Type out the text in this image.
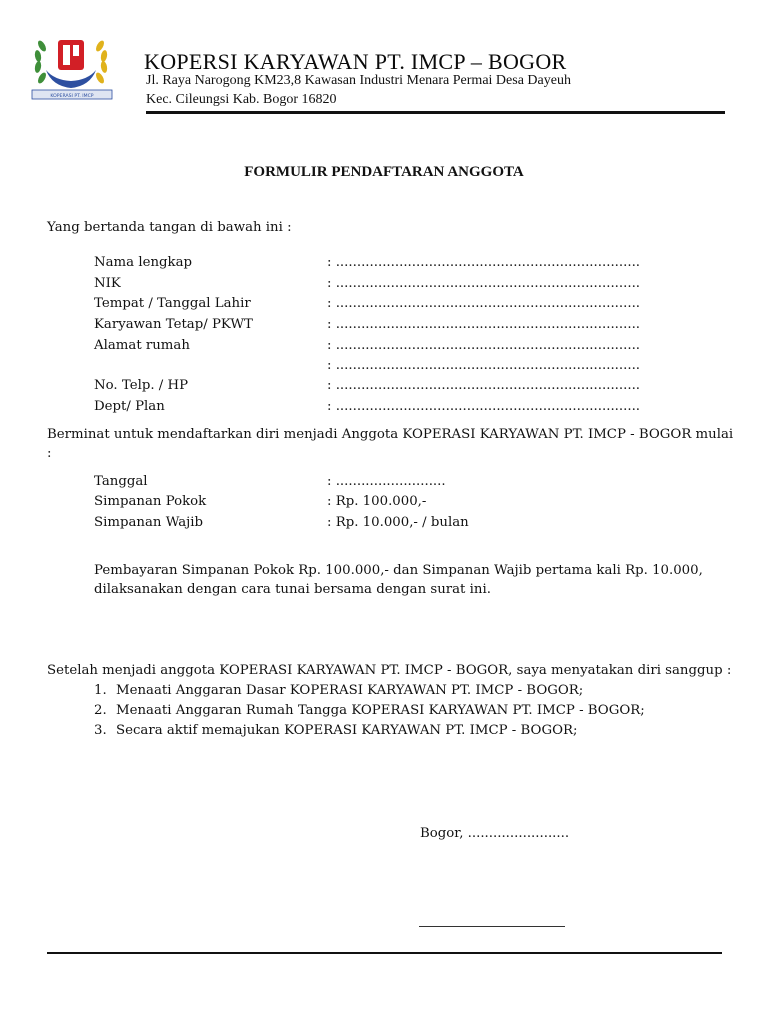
KOPERASI PT. IMCP
KOPERSI KARYAWAN PT. IMCP – BOGOR
Jl. Raya Narogong KM23,8 Kawasan Industri Menara Permai Desa Dayeuh
Kec. Cileungsi Kab. Bogor 16820
FORMULIR PENDAFTARAN ANGGOTA
Yang bertanda tangan di bawah ini :
Nama lengkap	: ........................................................................
NIK	: ........................................................................
Tempat / Tanggal Lahir	: ........................................................................
Karyawan Tetap/ PKWT	: ........................................................................
Alamat rumah	: ........................................................................
: ........................................................................
No. Telp. / HP	: ........................................................................
Dept/ Plan	: ........................................................................
Berminat untuk mendaftarkan diri menjadi Anggota KOPERASI KARYAWAN PT. IMCP - BOGOR mulai
:
Tanggal	: ..........................
Simpanan Pokok	: Rp. 100.000,-
Simpanan Wajib	: Rp. 10.000,- / bulan
Pembayaran Simpanan Pokok Rp. 100.000,- dan Simpanan Wajib pertama kali Rp. 10.000,
dilaksanakan dengan cara tunai bersama dengan surat ini.
Setelah menjadi anggota KOPERASI KARYAWAN PT. IMCP - BOGOR, saya menyatakan diri sanggup :
1. Menaati Anggaran Dasar KOPERASI KARYAWAN PT. IMCP - BOGOR;
2. Menaati Anggaran Rumah Tangga KOPERASI KARYAWAN PT. IMCP - BOGOR;
3. Secara aktif memajukan KOPERASI KARYAWAN PT. IMCP - BOGOR;
Bogor, ........................
